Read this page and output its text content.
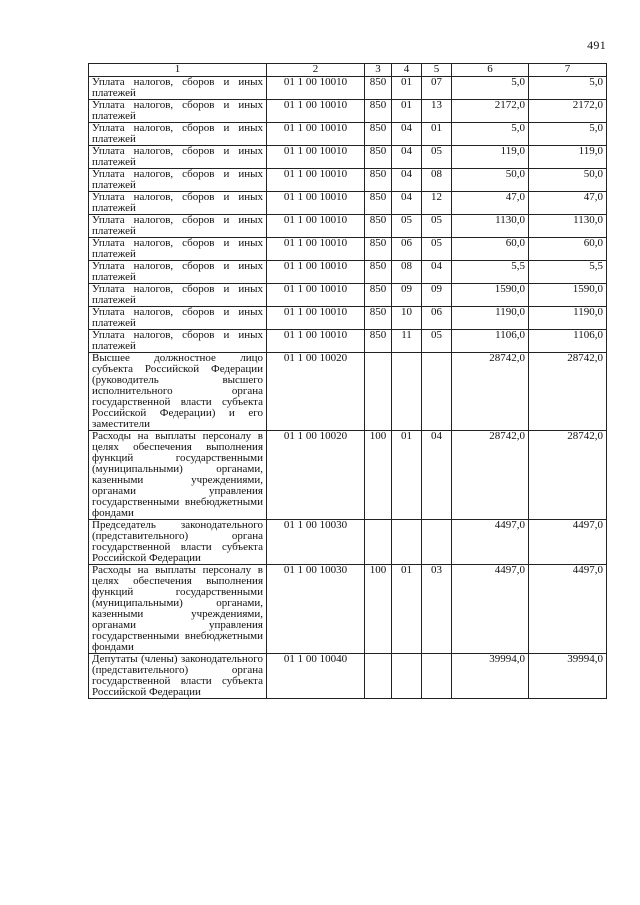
491
1	2	3	4	5	6	7
Уплата налогов, сборов и иных платежей	01 1 00 10010	850	01	07	5,0	5,0
Уплата налогов, сборов и иных платежей	01 1 00 10010	850	01	13	2172,0	2172,0
Уплата налогов, сборов и иных платежей	01 1 00 10010	850	04	01	5,0	5,0
Уплата налогов, сборов и иных платежей	01 1 00 10010	850	04	05	119,0	119,0
Уплата налогов, сборов и иных платежей	01 1 00 10010	850	04	08	50,0	50,0
Уплата налогов, сборов и иных платежей	01 1 00 10010	850	04	12	47,0	47,0
Уплата налогов, сборов и иных платежей	01 1 00 10010	850	05	05	1130,0	1130,0
Уплата налогов, сборов и иных платежей	01 1 00 10010	850	06	05	60,0	60,0
Уплата налогов, сборов и иных платежей	01 1 00 10010	850	08	04	5,5	5,5
Уплата налогов, сборов и иных платежей	01 1 00 10010	850	09	09	1590,0	1590,0
Уплата налогов, сборов и иных платежей	01 1 00 10010	850	10	06	1190,0	1190,0
Уплата налогов, сборов и иных платежей	01 1 00 10010	850	11	05	1106,0	1106,0
Высшее должностное лицо субъекта Российской Федерации (руководитель высшего исполнительного органа государственной власти субъекта Российской Федерации) и его заместители	01 1 00 10020				28742,0	28742,0
Расходы на выплаты персоналу в целях обеспечения выполнения функций государственными (муниципальными) органами, казенными учреждениями, органами управления государственными внебюджетными фондами	01 1 00 10020	100	01	04	28742,0	28742,0
Председатель законодательного (представительного) органа государственной власти субъекта Российской Федерации	01 1 00 10030				4497,0	4497,0
Расходы на выплаты персоналу в целях обеспечения выполнения функций государственными (муниципальными) органами, казенными учреждениями, органами управления государственными внебюджетными фондами	01 1 00 10030	100	01	03	4497,0	4497,0
Депутаты (члены) законодательного (представительного) органа государственной власти субъекта Российской Федерации	01 1 00 10040				39994,0	39994,0
